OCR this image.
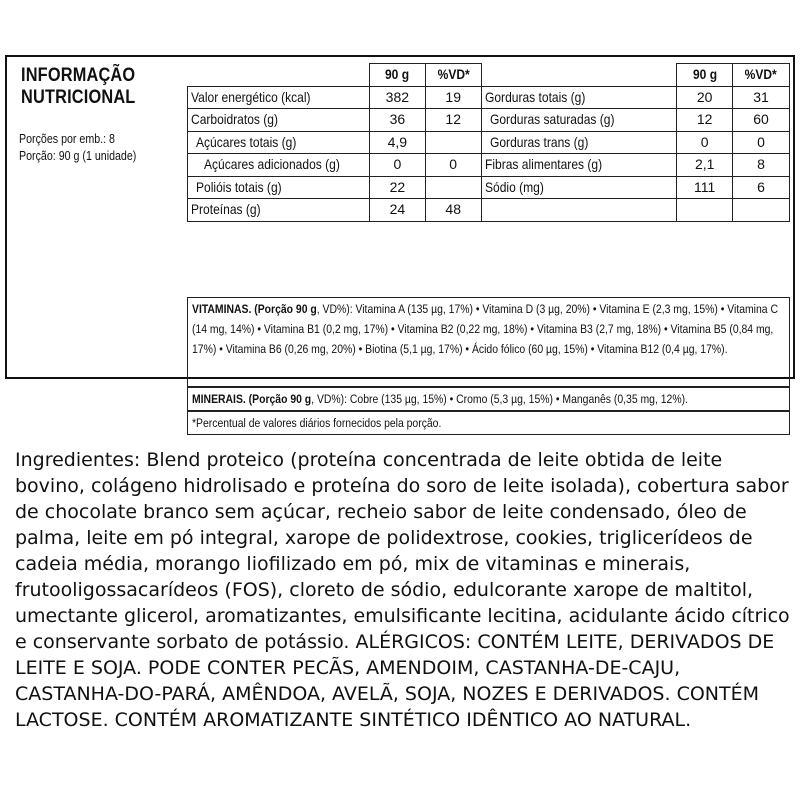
INFORMAÇÃO
NUTRICIONAL
Porções por emb.: 8
Porção: 90 g (1 unidade)
	90 g	%VD*		90 g	%VD*
Valor energético (kcal)	382	19	Gorduras totais (g)	20	31
Carboidratos (g)	36	12	Gorduras saturadas (g)	12	60
Açúcares totais (g)	4,9		Gorduras trans (g)	0	0
Açúcares adicionados (g)	0	0	Fibras alimentares (g)	2,1	8
Polióis totais (g)	22		Sódio (mg)	111	6
Proteínas (g)	24	48			
VITAMINAS. (Porção 90 g, VD%): Vitamina A (135 µg, 17%) • Vitamina D (3 µg, 20%) • Vitamina E (2,3 mg, 15%) • Vitamina C (14 mg, 14%) • Vitamina B1 (0,2 mg, 17%) • Vitamina B2 (0,22 mg, 18%) • Vitamina B3 (2,7 mg, 18%) • Vitamina B5 (0,84 mg, 17%) • Vitamina B6 (0,26 mg, 20%) • Biotina (5,1 µg, 17%) • Ácido fólico (60 µg, 15%) • Vitamina B12 (0,4 µg, 17%).
MINERAIS. (Porção 90 g, VD%): Cobre (135 µg, 15%) • Cromo (5,3 µg, 15%) • Manganês (0,35 mg, 12%).
*Percentual de valores diários fornecidos pela porção.
Ingredientes: Blend proteico (proteína concentrada de leite obtida de leite bovino, colágeno hidrolisado e proteína do soro de leite isolada), cobertura sabor de chocolate branco sem açúcar, recheio sabor de leite condensado, óleo de palma, leite em pó integral, xarope de polidextrose, cookies, triglicerídeos de cadeia média, morango liofilizado em pó, mix de vitaminas e minerais, frutooligossacarídeos (FOS), cloreto de sódio, edulcorante xarope de maltitol, umectante glicerol, aromatizantes, emulsificante lecitina, acidulante ácido cítrico e conservante sorbato de potássio. ALÉRGICOS: CONTÉM LEITE, DERIVADOS DE LEITE E SOJA. PODE CONTER PECÃS, AMENDOIM, CASTANHA-DE-CAJU, CASTANHA-DO-PARÁ, AMÊNDOA, AVELÃ, SOJA, NOZES E DERIVADOS. CONTÉM LACTOSE. CONTÉM AROMATIZANTE SINTÉTICO IDÊNTICO AO NATURAL.
